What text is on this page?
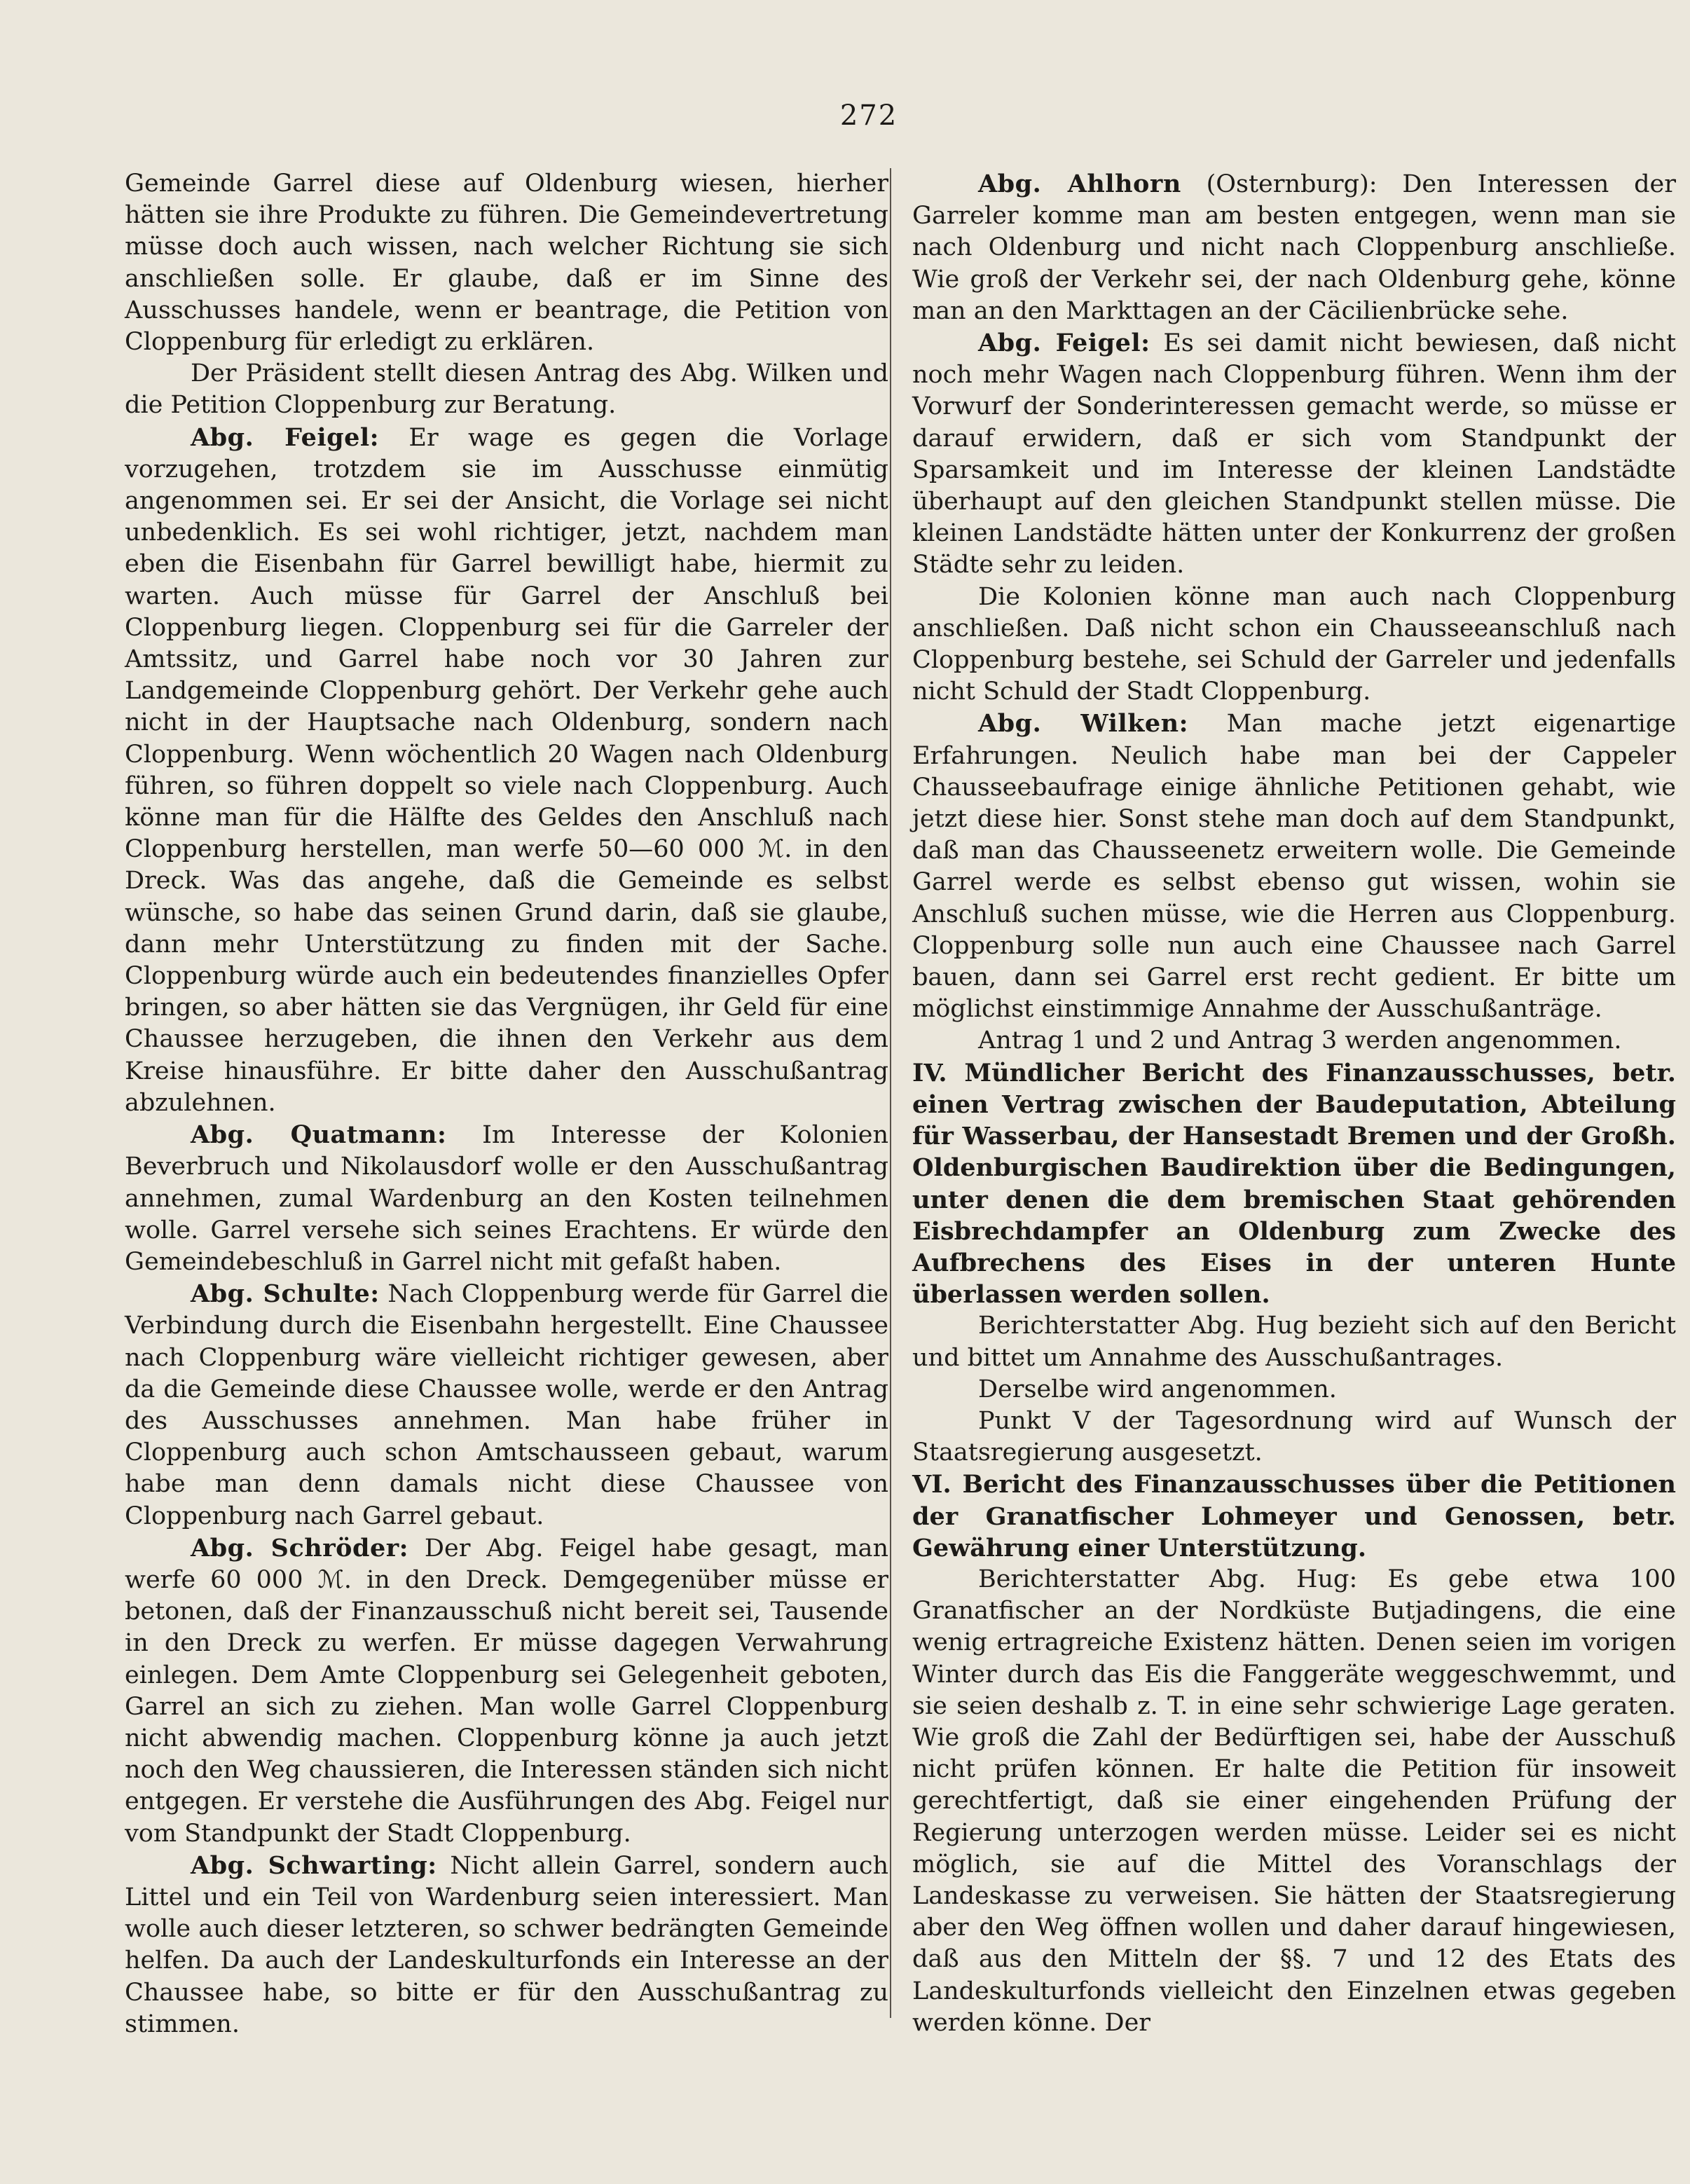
272

Gemeinde Garrel diese auf Oldenburg wiesen, hierher hätten sie ihre Produkte zu führen. Die Gemeindevertretung müsse doch auch wissen, nach welcher Richtung sie sich anschließen solle. Er glaube, daß er im Sinne des Ausschusses handele, wenn er beantrage, die Petition von Cloppenburg für erledigt zu erklären.

Der Präsident stellt diesen Antrag des Abg. Wilken und die Petition Cloppenburg zur Beratung.

Abg. Feigel: Er wage es gegen die Vorlage vorzugehen, trotzdem sie im Ausschusse einmütig angenommen sei. Er sei der Ansicht, die Vorlage sei nicht unbedenklich. Es sei wohl richtiger, jetzt, nachdem man eben die Eisenbahn für Garrel bewilligt habe, hiermit zu warten. Auch müsse für Garrel der Anschluß bei Cloppenburg liegen. Cloppenburg sei für die Garreler der Amtssitz, und Garrel habe noch vor 30 Jahren zur Landgemeinde Cloppenburg gehört. Der Verkehr gehe auch nicht in der Hauptsache nach Oldenburg, sondern nach Cloppenburg. Wenn wöchentlich 20 Wagen nach Oldenburg führen, so führen doppelt so viele nach Cloppenburg. Auch könne man für die Hälfte des Geldes den Anschluß nach Cloppenburg herstellen, man werfe 50—60 000 ℳ. in den Dreck. Was das angehe, daß die Gemeinde es selbst wünsche, so habe das seinen Grund darin, daß sie glaube, dann mehr Unterstützung zu finden mit der Sache. Cloppenburg würde auch ein bedeutendes finanzielles Opfer bringen, so aber hätten sie das Vergnügen, ihr Geld für eine Chaussee herzugeben, die ihnen den Verkehr aus dem Kreise hinausführe. Er bitte daher den Ausschußantrag abzulehnen.

Abg. Quatmann: Im Interesse der Kolonien Beverbruch und Nikolausdorf wolle er den Ausschußantrag annehmen, zumal Wardenburg an den Kosten teilnehmen wolle. Garrel versehe sich seines Erachtens. Er würde den Gemeindebeschluß in Garrel nicht mit gefaßt haben.

Abg. Schulte: Nach Cloppenburg werde für Garrel die Verbindung durch die Eisenbahn hergestellt. Eine Chaussee nach Cloppenburg wäre vielleicht richtiger gewesen, aber da die Gemeinde diese Chaussee wolle, werde er den Antrag des Ausschusses annehmen. Man habe früher in Cloppenburg auch schon Amtschausseen gebaut, warum habe man denn damals nicht diese Chaussee von Cloppenburg nach Garrel gebaut.

Abg. Schröder: Der Abg. Feigel habe gesagt, man werfe 60 000 ℳ. in den Dreck. Demgegenüber müsse er betonen, daß der Finanzausschuß nicht bereit sei, Tausende in den Dreck zu werfen. Er müsse dagegen Verwahrung einlegen. Dem Amte Cloppenburg sei Gelegenheit geboten, Garrel an sich zu ziehen. Man wolle Garrel Cloppenburg nicht abwendig machen. Cloppenburg könne ja auch jetzt noch den Weg chaussieren, die Interessen ständen sich nicht entgegen. Er verstehe die Ausführungen des Abg. Feigel nur vom Standpunkt der Stadt Cloppenburg.

Abg. Schwarting: Nicht allein Garrel, sondern auch Littel und ein Teil von Wardenburg seien interessiert. Man wolle auch dieser letzteren, so schwer bedrängten Gemeinde helfen. Da auch der Landeskulturfonds ein Interesse an der Chaussee habe, so bitte er für den Ausschußantrag zu stimmen.

Abg. Ahlhorn (Osternburg): Den Interessen der Garreler komme man am besten entgegen, wenn man sie nach Oldenburg und nicht nach Cloppenburg anschließe. Wie groß der Verkehr sei, der nach Oldenburg gehe, könne man an den Markttagen an der Cäcilienbrücke sehe.

Abg. Feigel: Es sei damit nicht bewiesen, daß nicht noch mehr Wagen nach Cloppenburg führen. Wenn ihm der Vorwurf der Sonderinteressen gemacht werde, so müsse er darauf erwidern, daß er sich vom Standpunkt der Sparsamkeit und im Interesse der kleinen Landstädte überhaupt auf den gleichen Standpunkt stellen müsse. Die kleinen Landstädte hätten unter der Konkurrenz der großen Städte sehr zu leiden.

Die Kolonien könne man auch nach Cloppenburg anschließen. Daß nicht schon ein Chausseeanschluß nach Cloppenburg bestehe, sei Schuld der Garreler und jedenfalls nicht Schuld der Stadt Cloppenburg.

Abg. Wilken: Man mache jetzt eigenartige Erfahrungen. Neulich habe man bei der Cappeler Chausseebaufrage einige ähnliche Petitionen gehabt, wie jetzt diese hier. Sonst stehe man doch auf dem Standpunkt, daß man das Chausseenetz erweitern wolle. Die Gemeinde Garrel werde es selbst ebenso gut wissen, wohin sie Anschluß suchen müsse, wie die Herren aus Cloppenburg. Cloppenburg solle nun auch eine Chaussee nach Garrel bauen, dann sei Garrel erst recht gedient. Er bitte um möglichst einstimmige Annahme der Ausschußanträge.

Antrag 1 und 2 und Antrag 3 werden angenommen.

IV. Mündlicher Bericht des Finanzausschusses, betr. einen Vertrag zwischen der Baudeputation, Abteilung für Wasserbau, der Hansestadt Bremen und der Großh. Oldenburgischen Baudirektion über die Bedingungen, unter denen die dem bremischen Staat gehörenden Eisbrechdampfer an Oldenburg zum Zwecke des Aufbrechens des Eises in der unteren Hunte überlassen werden sollen.

Berichterstatter Abg. Hug bezieht sich auf den Bericht und bittet um Annahme des Ausschußantrages.

Derselbe wird angenommen.

Punkt V der Tagesordnung wird auf Wunsch der Staatsregierung ausgesetzt.

VI. Bericht des Finanzausschusses über die Petitionen der Granatfischer Lohmeyer und Genossen, betr. Gewährung einer Unterstützung.

Berichterstatter Abg. Hug: Es gebe etwa 100 Granatfischer an der Nordküste Butjadingens, die eine wenig ertragreiche Existenz hätten. Denen seien im vorigen Winter durch das Eis die Fanggeräte weggeschwemmt, und sie seien deshalb z. T. in eine sehr schwierige Lage geraten. Wie groß die Zahl der Bedürftigen sei, habe der Ausschuß nicht prüfen können. Er halte die Petition für insoweit gerechtfertigt, daß sie einer eingehenden Prüfung der Regierung unterzogen werden müsse. Leider sei es nicht möglich, sie auf die Mittel des Voranschlags der Landeskasse zu verweisen. Sie hätten der Staatsregierung aber den Weg öffnen wollen und daher darauf hingewiesen, daß aus den Mitteln der §§. 7 und 12 des Etats des Landeskulturfonds vielleicht den Einzelnen etwas gegeben werden könne. Der
